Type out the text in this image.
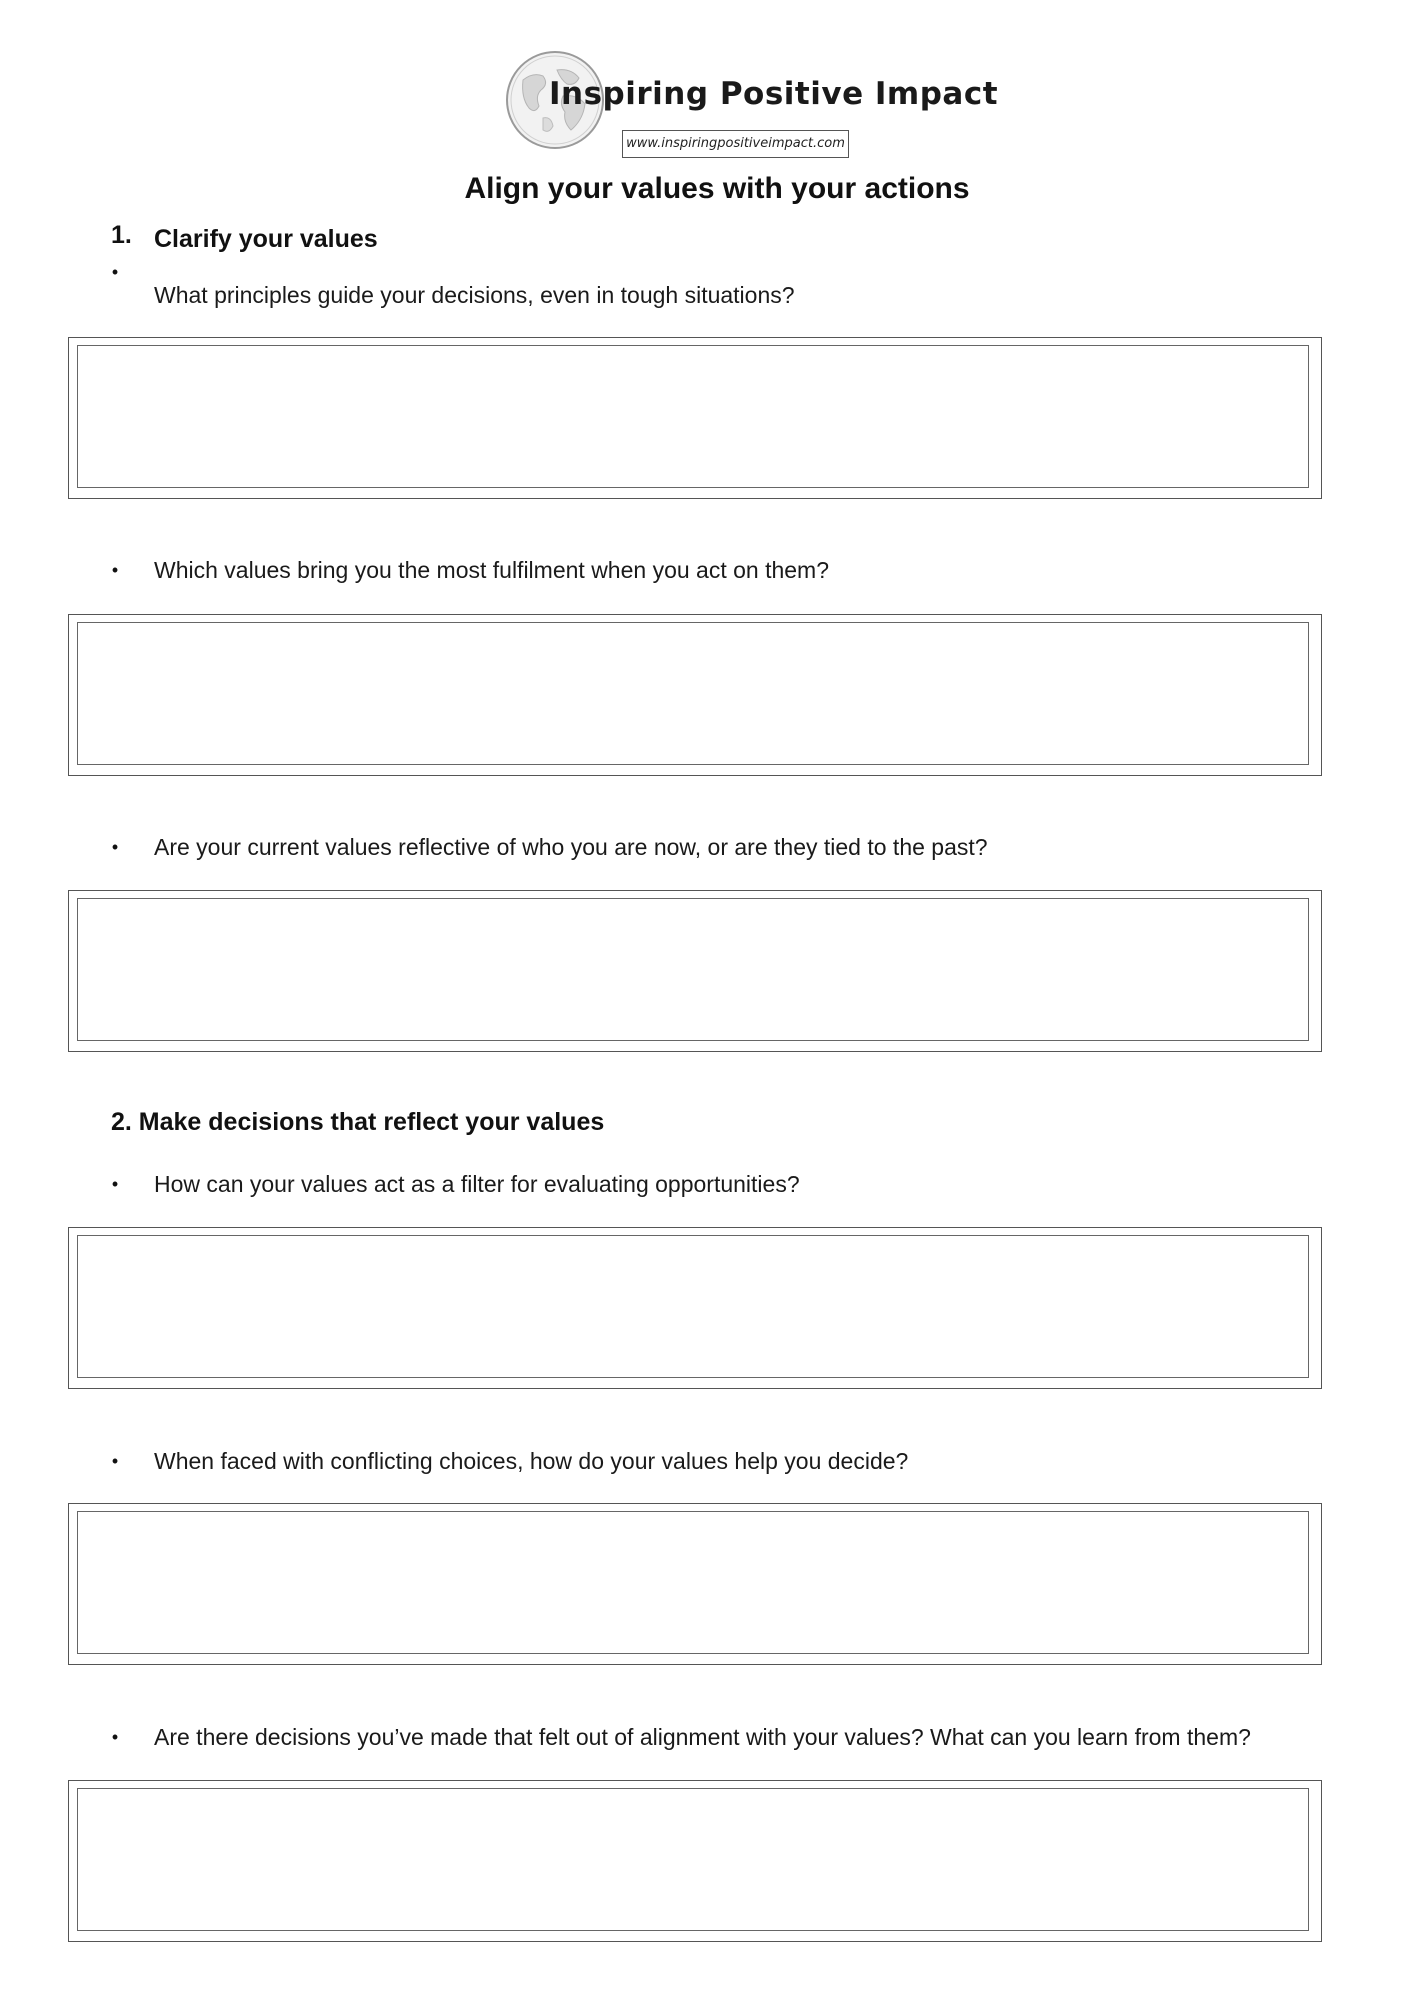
Inspiring Positive Impact
www.inspiringpositiveimpact.com
Align your values with your actions
1. Clarify your values
•
What principles guide your decisions, even in tough situations?
• Which values bring you the most fulfilment when you act on them?
• Are your current values reflective of who you are now, or are they tied to the past?
2. Make decisions that reflect your values
• How can your values act as a filter for evaluating opportunities?
• When faced with conflicting choices, how do your values help you decide?
• Are there decisions you’ve made that felt out of alignment with your values? What can you learn from them?
